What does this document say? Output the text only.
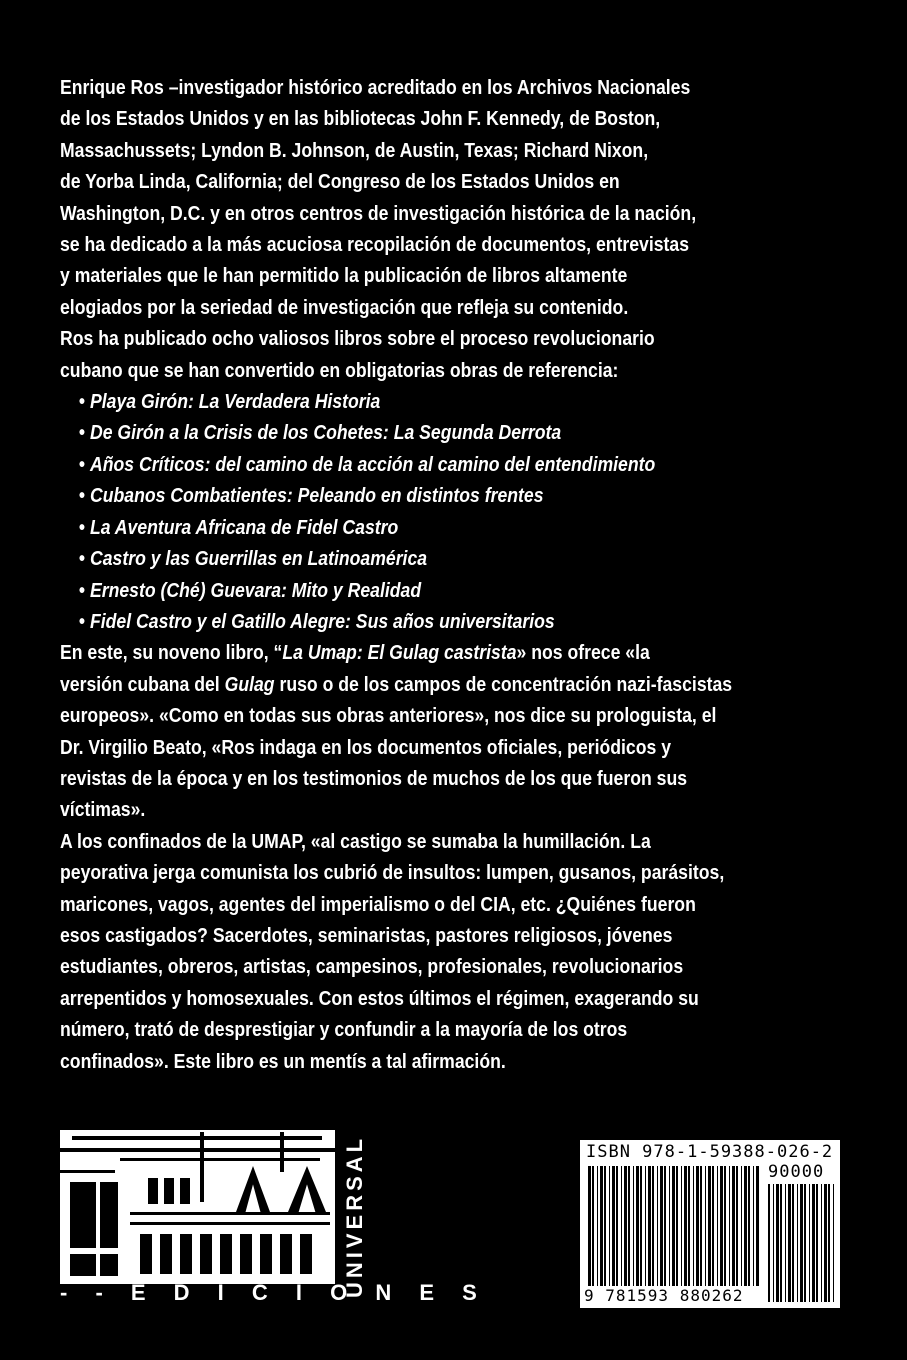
Enrique Ros –investigador histórico acreditado en los Archivos Nacionales
de los Estados Unidos y en las bibliotecas John F. Kennedy, de Boston,
Massachussets; Lyndon B. Johnson, de Austin, Texas; Richard Nixon,
de Yorba Linda, California; del Congreso de los Estados Unidos en
Washington, D.C. y en otros centros de investigación histórica de la nación,
se ha dedicado a la más acuciosa recopilación de documentos, entrevistas
y materiales que le han permitido la publicación de libros altamente
elogiados por la seriedad de investigación que refleja su contenido.
Ros ha publicado ocho valiosos libros sobre el proceso revolucionario
cubano que se han convertido en obligatorias obras de referencia:

• Playa Girón: La Verdadera Historia
• De Girón a la Crisis de los Cohetes: La Segunda Derrota
• Años Críticos: del camino de la acción al camino del entendimiento
• Cubanos Combatientes: Peleando en distintos frentes
• La Aventura Africana de Fidel Castro
• Castro y las Guerrillas en Latinoamérica
• Ernesto (Ché) Guevara: Mito y Realidad
• Fidel Castro y el Gatillo Alegre: Sus años universitarios

En este, su noveno libro, “La Umap: El Gulag castrista» nos ofrece «la
versión cubana del Gulag ruso o de los campos de concentración nazi-fascistas
europeos». «Como en todas sus obras anteriores», nos dice su prologuista, el
Dr. Virgilio Beato, «Ros indaga en los documentos oficiales, periódicos y
revistas de la época y en los testimonios de muchos de los que fueron sus
víctimas».

A los confinados de la UMAP, «al castigo se sumaba la humillación. La
peyorativa jerga comunista los cubrió de insultos: lumpen, gusanos, parásitos,
maricones, vagos, agentes del imperialismo o del CIA, etc. ¿Quiénes fueron
esos castigados? Sacerdotes, seminaristas, pastores religiosos, jóvenes
estudiantes, obreros, artistas, campesinos, profesionales, revolucionarios
arrepentidos y homosexuales. Con estos últimos el régimen, exagerando su
número, trató de desprestigiar y confundir a la mayoría de los otros
confinados». Este libro es un mentís a tal afirmación.

UNIVERSAL
- - E D I C I O N E S
ISBN 978-1-59388-026-2
90000
9 781593 880262
